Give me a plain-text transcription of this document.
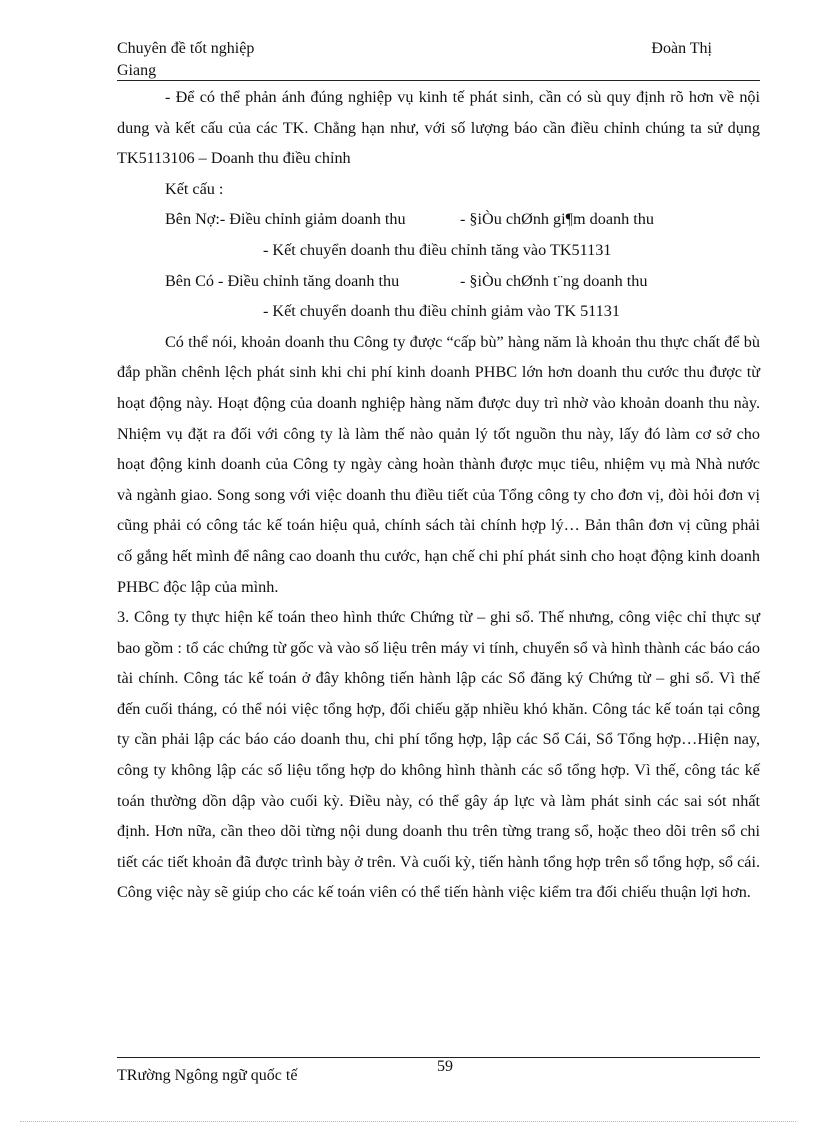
Chuyên đề tốt nghiệp	Đoàn Thị
Giang

- Để có thể phản ánh đúng nghiệp vụ kinh tế phát sinh, cần có sù quy định rõ hơn về nội dung và kết cấu của các TK. Chẳng hạn như, với số lượng báo cần điều chỉnh chúng ta sử dụng TK5113106 – Doanh thu điều chỉnh

Kết cấu :

Bên Nợ:- Điều chỉnh giảm doanh thu	- §iÒu chØnh gi¶m doanh thu
- Kết chuyển doanh thu điều chỉnh tăng vào TK51131
Bên Có - Điều chỉnh tăng doanh thu	- §iÒu chØnh t¨ng doanh thu
- Kết chuyển doanh thu điều chỉnh giảm vào TK 51131

Có thể nói, khoản doanh thu Công ty được “cấp bù” hàng năm là khoản thu thực chất để bù đắp phần chênh lệch phát sinh khi chi phí kinh doanh PHBC lớn hơn doanh thu cước thu được từ hoạt động này. Hoạt động của doanh nghiệp hàng năm được duy trì nhờ vào khoản doanh thu này. Nhiệm vụ đặt ra đối với công ty là làm thế nào quản lý tốt nguồn thu này, lấy đó làm cơ sở cho hoạt động kinh doanh của Công ty ngày càng hoàn thành được mục tiêu, nhiệm vụ mà Nhà nước và ngành giao. Song song với việc doanh thu điều tiết của Tổng công ty cho đơn vị, đòi hỏi đơn vị cũng phải có công tác kế toán hiệu quả, chính sách tài chính hợp lý… Bản thân đơn vị cũng phải cố gắng hết mình để nâng cao doanh thu cước, hạn chế chi phí phát sinh cho hoạt động kinh doanh PHBC độc lập của mình.

3. Công ty thực hiện kế toán theo hình thức Chứng từ – ghi sổ. Thế nhưng, công việc chỉ thực sự bao gồm : tổ các chứng từ gốc và vào số liệu trên máy vi tính, chuyển sổ và hình thành các báo cáo tài chính. Công tác kế toán ở đây không tiến hành lập các Sổ đăng ký Chứng từ – ghi sổ. Vì thế đến cuối tháng, có thể nói việc tổng hợp, đối chiếu gặp nhiều khó khăn. Công tác kế toán tại công ty cần phải lập các báo cáo doanh thu, chi phí tổng hợp, lập các Sổ Cái, Sổ Tổng hợp…Hiện nay, công ty không lập các số liệu tổng hợp do không hình thành các sổ tổng hợp. Vì thế, công tác kế toán thường dồn dập vào cuối kỳ. Điều này, có thể gây áp lực và làm phát sinh các sai sót nhất định. Hơn nữa, cần theo dõi từng nội dung doanh thu trên từng trang sổ, hoặc theo dõi trên sổ chi tiết các tiết khoản đã được trình bày ở trên. Và cuối kỳ, tiến hành tổng hợp trên sổ tổng hợp, sổ cái. Công việc này sẽ giúp cho các kế toán viên có thể tiến hành việc kiểm tra đối chiếu thuận lợi hơn.

59
TRường Ngông ngữ quốc tế
